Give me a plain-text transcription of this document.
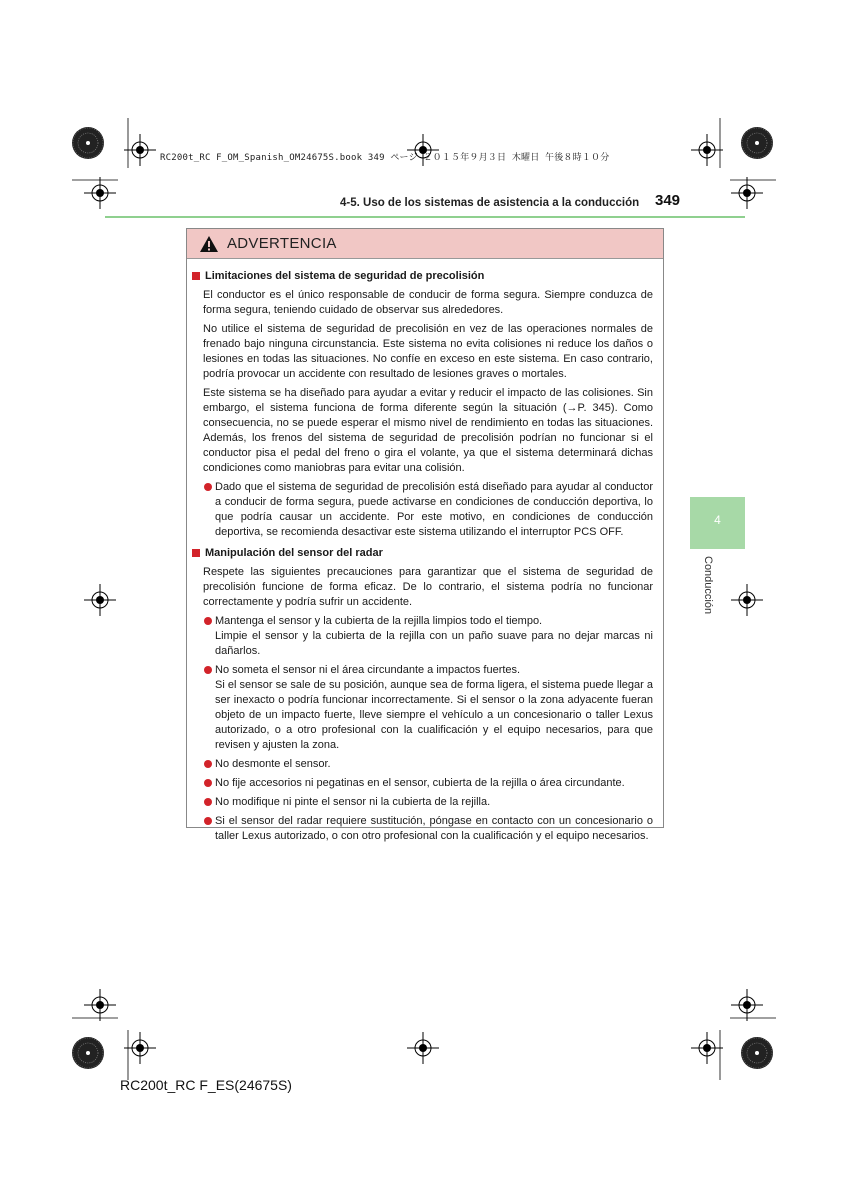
RC200t_RC F_OM_Spanish_OM24675S.book 349 ページ ２０１５年９月３日 木曜日 午後８時１０分
4-5. Uso de los sistemas de asistencia a la conducción 349
4
Conducción
ADVERTENCIA
Limitaciones del sistema de seguridad de precolisión

El conductor es el único responsable de conducir de forma segura. Siempre conduzca de forma segura, teniendo cuidado de observar sus alrededores.

No utilice el sistema de seguridad de precolisión en vez de las operaciones normales de frenado bajo ninguna circunstancia. Este sistema no evita colisiones ni reduce los daños o lesiones en todas las situaciones. No confíe en exceso en este sistema. En caso contrario, podría provocar un accidente con resultado de lesiones graves o mortales.

Este sistema se ha diseñado para ayudar a evitar y reducir el impacto de las colisiones. Sin embargo, el sistema funciona de forma diferente según la situación (→P. 345). Como consecuencia, no se puede esperar el mismo nivel de rendimiento en todas las situaciones. Además, los frenos del sistema de seguridad de precolisión podrían no funcionar si el conductor pisa el pedal del freno o gira el volante, ya que el sistema determinará dichas condiciones como maniobras para evitar una colisión.

Dado que el sistema de seguridad de precolisión está diseñado para ayudar al conductor a conducir de forma segura, puede activarse en condiciones de conducción deportiva, lo que podría causar un accidente. Por este motivo, en condiciones de conducción deportiva, se recomienda desactivar este sistema utilizando el interruptor PCS OFF.
Manipulación del sensor del radar

Respete las siguientes precauciones para garantizar que el sistema de seguridad de precolisión funcione de forma eficaz. De lo contrario, el sistema podría no funcionar correctamente y podría sufrir un accidente.

Mantenga el sensor y la cubierta de la rejilla limpios todo el tiempo.
Limpie el sensor y la cubierta de la rejilla con un paño suave para no dejar marcas ni dañarlos.
No someta el sensor ni el área circundante a impactos fuertes.
Si el sensor se sale de su posición, aunque sea de forma ligera, el sistema puede llegar a ser inexacto o podría funcionar incorrectamente. Si el sensor o la zona adyacente fueran objeto de un impacto fuerte, lleve siempre el vehículo a un concesionario o taller Lexus autorizado, o a otro profesional con la cualificación y el equipo necesarios, para que revisen y ajusten la zona.
No desmonte el sensor.
No fije accesorios ni pegatinas en el sensor, cubierta de la rejilla o área circundante.
No modifique ni pinte el sensor ni la cubierta de la rejilla.
Si el sensor del radar requiere sustitución, póngase en contacto con un concesionario o taller Lexus autorizado, o con otro profesional con la cualificación y el equipo necesarios.
RC200t_RC F_ES(24675S)
